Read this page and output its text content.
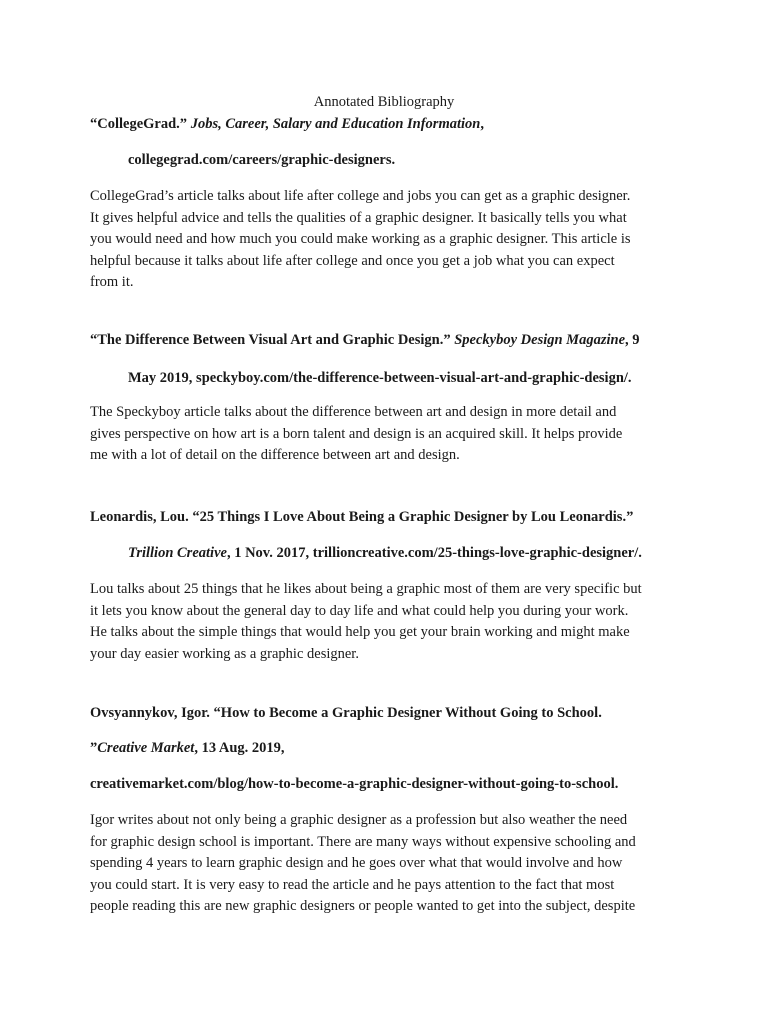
Annotated Bibliography
“CollegeGrad.” Jobs, Career, Salary and Education Information,
collegegrad.com/careers/graphic-designers.
CollegeGrad’s article talks about life after college and jobs you can get as a graphic designer.
It gives helpful advice and tells the qualities of a graphic designer. It basically tells you what
you would need and how much you could make working as a graphic designer. This article is
helpful because it talks about life after college and once you get a job what you can expect
from it.
“The Difference Between Visual Art and Graphic Design.” Speckyboy Design Magazine, 9
May 2019, speckyboy.com/the-difference-between-visual-art-and-graphic-design/.
The Speckyboy article talks about the difference between art and design in more detail and
gives perspective on how art is a born talent and design is an acquired skill. It helps provide
me with a lot of detail on the difference between art and design.
Leonardis, Lou. “25 Things I Love About Being a Graphic Designer by Lou Leonardis.”
Trillion Creative, 1 Nov. 2017, trillioncreative.com/25-things-love-graphic-designer/.
Lou talks about 25 things that he likes about being a graphic most of them are very specific but
it lets you know about the general day to day life and what could help you during your work.
He talks about the simple things that would help you get your brain working and might make
your day easier working as a graphic designer.
Ovsyannykov, Igor. “How to Become a Graphic Designer Without Going to School.
”Creative Market, 13 Aug. 2019,
creativemarket.com/blog/how-to-become-a-graphic-designer-without-going-to-school.
Igor writes about not only being a graphic designer as a profession but also weather the need
for graphic design school is important. There are many ways without expensive schooling and
spending 4 years to learn graphic design and he goes over what that would involve and how
you could start. It is very easy to read the article and he pays attention to the fact that most
people reading this are new graphic designers or people wanted to get into the subject, despite
